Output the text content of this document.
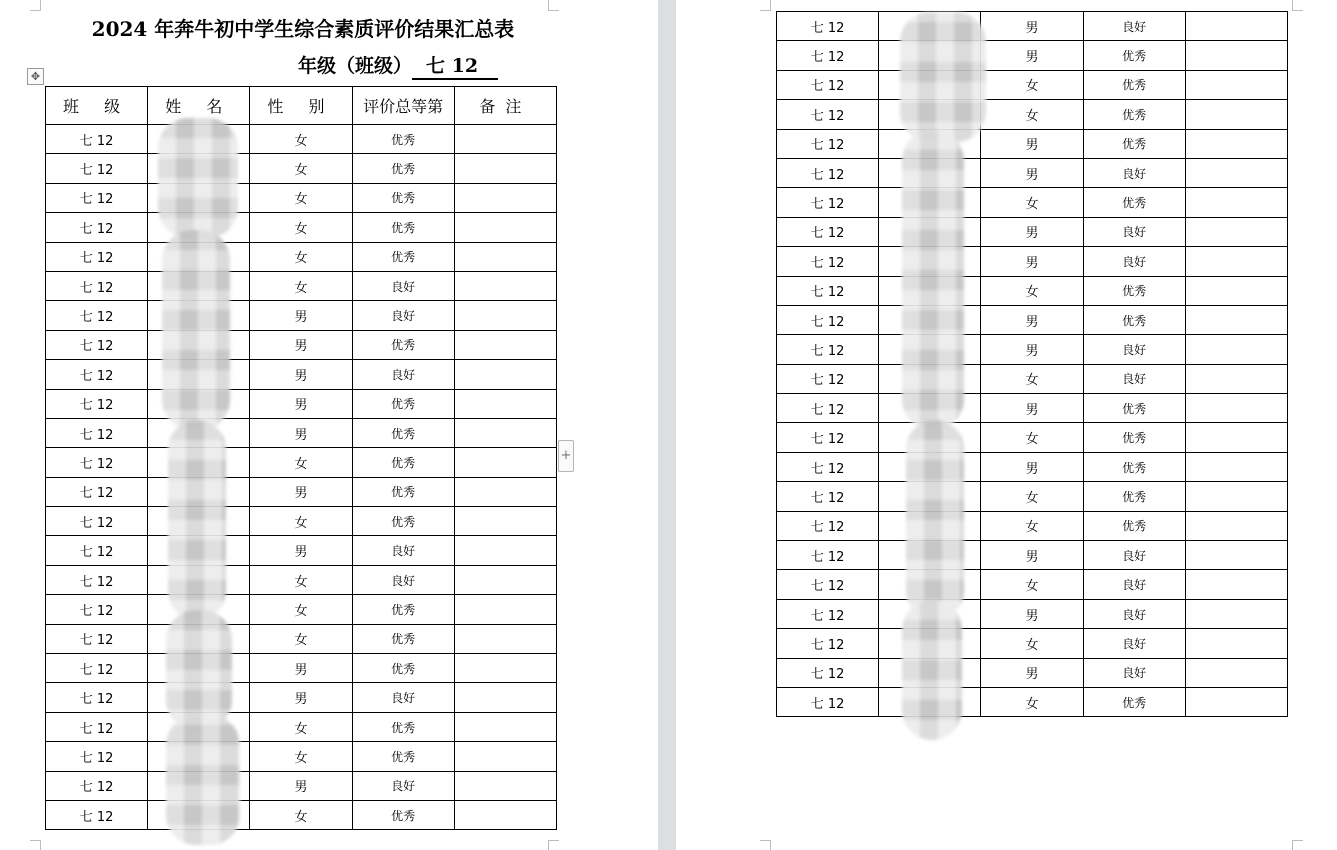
2024 年奔牛初中学生综合素质评价结果汇总表
年级（班级） 七 12
✥
班 级	姓 名	性 别	评价总等第	备注
七 12		女	优秀	
七 12		女	优秀	
七 12		女	优秀	
七 12		女	优秀	
七 12		女	优秀	
七 12		女	良好	
七 12		男	良好	
七 12		男	优秀	
七 12		男	良好	
七 12		男	优秀	
七 12		男	优秀	
七 12		女	优秀	
七 12		男	优秀	
七 12		女	优秀	
七 12		男	良好	
七 12		女	良好	
七 12		女	优秀	
七 12		女	优秀	
七 12		男	优秀	
七 12		男	良好	
七 12		女	优秀	
七 12		女	优秀	
七 12		男	良好	
七 12		女	优秀	
+
七 12		男	良好	
七 12		男	优秀	
七 12		女	优秀	
七 12		女	优秀	
七 12		男	优秀	
七 12		男	良好	
七 12		女	优秀	
七 12		男	良好	
七 12		男	良好	
七 12		女	优秀	
七 12		男	优秀	
七 12		男	良好	
七 12		女	良好	
七 12		男	优秀	
七 12		女	优秀	
七 12		男	优秀	
七 12		女	优秀	
七 12		女	优秀	
七 12		男	良好	
七 12		女	良好	
七 12		男	良好	
七 12		女	良好	
七 12		男	良好	
七 12		女	优秀	
